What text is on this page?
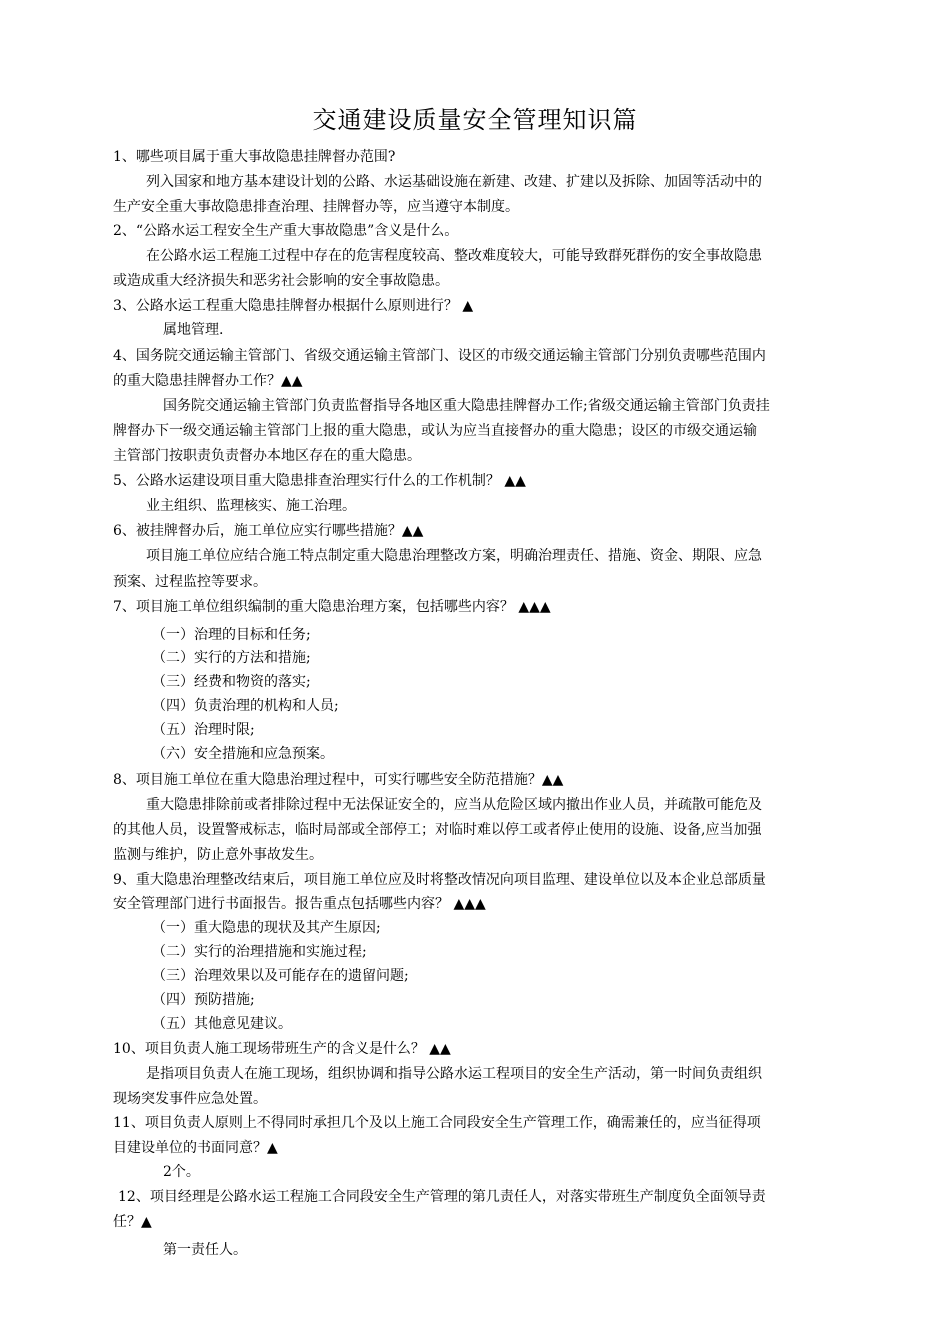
交通建设质量安全管理知识篇
1、哪些项目属于重大事故隐患挂牌督办范围?
列入国家和地方基本建设计划的公路、水运基础设施在新建、改建、扩建以及拆除、加固等活动中的
生产安全重大事故隐患排查治理、挂牌督办等，应当遵守本制度。
2、“公路水运工程安全生产重大事故隐患”含义是什么。
在公路水运工程施工过程中存在的危害程度较高、整改难度较大，可能导致群死群伤的安全事故隐患
或造成重大经济损失和恶劣社会影响的安全事故隐患。
3、公路水运工程重大隐患挂牌督办根据什么原则进行？ ▲
属地管理.
4、国务院交通运输主管部门、省级交通运输主管部门、设区的市级交通运输主管部门分别负责哪些范围内
的重大隐患挂牌督办工作？▲▲
国务院交通运输主管部门负责监督指导各地区重大隐患挂牌督办工作;省级交通运输主管部门负责挂
牌督办下一级交通运输主管部门上报的重大隐患，或认为应当直接督办的重大隐患；设区的市级交通运输
主管部门按职责负责督办本地区存在的重大隐患。
5、公路水运建设项目重大隐患排查治理实行什么的工作机制？ ▲▲
业主组织、监理核实、施工治理。
6、被挂牌督办后，施工单位应实行哪些措施？▲▲
项目施工单位应结合施工特点制定重大隐患治理整改方案，明确治理责任、措施、资金、期限、应急
预案、过程监控等要求。
7、项目施工单位组织编制的重大隐患治理方案，包括哪些内容？ ▲▲▲
（一）治理的目标和任务;
（二）实行的方法和措施;
（三）经费和物资的落实;
（四）负责治理的机构和人员;
（五）治理时限;
（六）安全措施和应急预案。
8、项目施工单位在重大隐患治理过程中，可实行哪些安全防范措施？▲▲
重大隐患排除前或者排除过程中无法保证安全的，应当从危险区域内撤出作业人员，并疏散可能危及
的其他人员，设置警戒标志，临时局部或全部停工；对临时难以停工或者停止使用的设施、设备,应当加强
监测与维护，防止意外事故发生。
9、重大隐患治理整改结束后，项目施工单位应及时将整改情况向项目监理、建设单位以及本企业总部质量
安全管理部门进行书面报告。报告重点包括哪些内容？ ▲▲▲
（一）重大隐患的现状及其产生原因;
（二）实行的治理措施和实施过程;
（三）治理效果以及可能存在的遗留问题;
（四）预防措施;
（五）其他意见建议。
10、项目负责人施工现场带班生产的含义是什么？ ▲▲
是指项目负责人在施工现场，组织协调和指导公路水运工程项目的安全生产活动，第一时间负责组织
现场突发事件应急处置。
11、项目负责人原则上不得同时承担几个及以上施工合同段安全生产管理工作，确需兼任的，应当征得项
目建设单位的书面同意？▲
2个。
12、项目经理是公路水运工程施工合同段安全生产管理的第几责任人，对落实带班生产制度负全面领导责
任？▲
第一责任人。
